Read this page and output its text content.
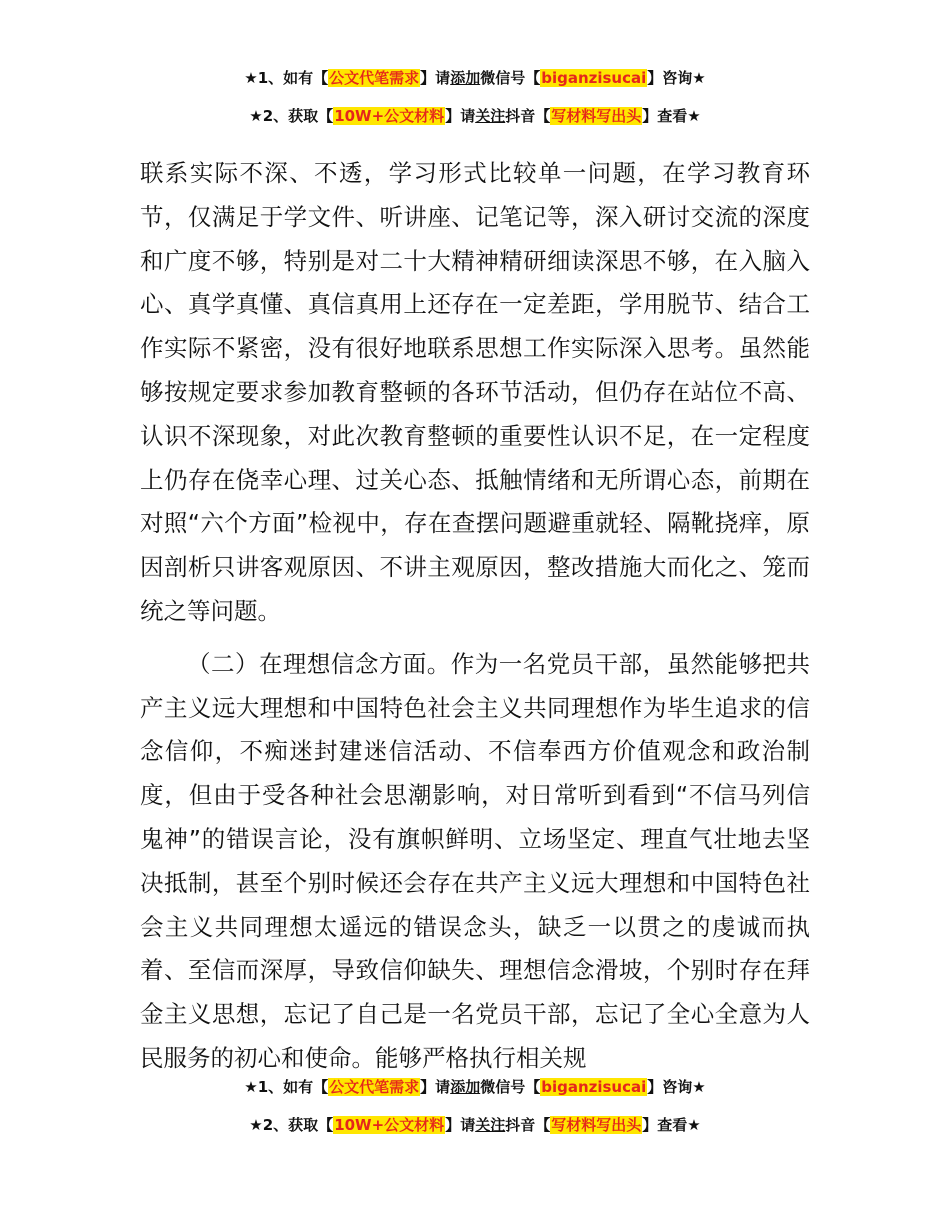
★1、如有【公文代笔需求】请添加微信号【biganzisucai】咨询★
★2、获取【10W+公文材料】请关注抖音【写材料写出头】查看★

联系实际不深、不透，学习形式比较单一问题，在学习教育环节，仅满足于学文件、听讲座、记笔记等，深入研讨交流的深度和广度不够，特别是对二十大精神精研细读深思不够，在入脑入心、真学真懂、真信真用上还存在一定差距，学用脱节、结合工作实际不紧密，没有很好地联系思想工作实际深入思考。虽然能够按规定要求参加教育整顿的各环节活动，但仍存在站位不高、认识不深现象，对此次教育整顿的重要性认识不足，在一定程度上仍存在侥幸心理、过关心态、抵触情绪和无所谓心态，前期在对照“六个方面”检视中，存在查摆问题避重就轻、隔靴挠痒，原因剖析只讲客观原因、不讲主观原因，整改措施大而化之、笼而统之等问题。

（二）在理想信念方面。作为一名党员干部，虽然能够把共产主义远大理想和中国特色社会主义共同理想作为毕生追求的信念信仰，不痴迷封建迷信活动、不信奉西方价值观念和政治制度，但由于受各种社会思潮影响，对日常听到看到“不信马列信鬼神”的错误言论，没有旗帜鲜明、立场坚定、理直气壮地去坚决抵制，甚至个别时候还会存在共产主义远大理想和中国特色社会主义共同理想太遥远的错误念头，缺乏一以贯之的虔诚而执着、至信而深厚，导致信仰缺失、理想信念滑坡，个别时存在拜金主义思想，忘记了自己是一名党员干部，忘记了全心全意为人民服务的初心和使命。能够严格执行相关规

★1、如有【公文代笔需求】请添加微信号【biganzisucai】咨询★
★2、获取【10W+公文材料】请关注抖音【写材料写出头】查看★
